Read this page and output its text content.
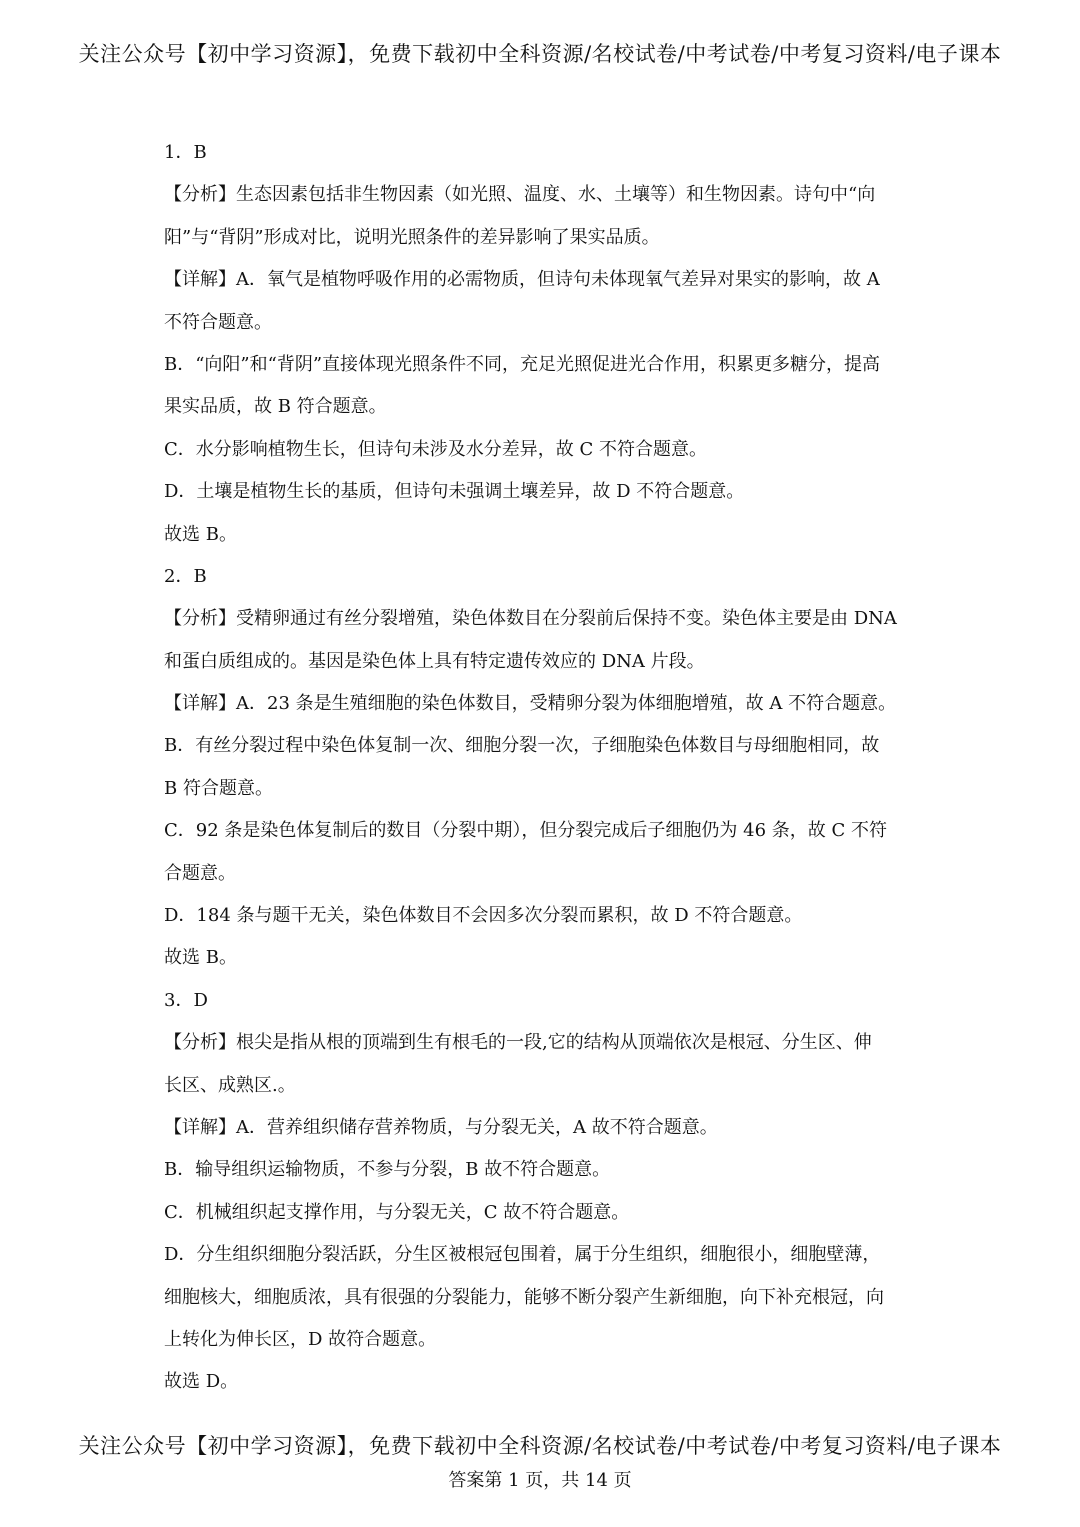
关注公众号【初中学习资源】，免费下载初中全科资源/名校试卷/中考试卷/中考复习资料/电子课本
1．B
【分析】生态因素包括非生物因素（如光照、温度、水、土壤等）和生物因素。诗句中“向
阳”与“背阴”形成对比，说明光照条件的差异影响了果实品质。
【详解】A．氧气是植物呼吸作用的必需物质，但诗句未体现氧气差异对果实的影响，故 A
不符合题意。
B．“向阳”和“背阴”直接体现光照条件不同，充足光照促进光合作用，积累更多糖分，提高
果实品质，故 B 符合题意。
C．水分影响植物生长，但诗句未涉及水分差异，故 C 不符合题意。
D．土壤是植物生长的基质，但诗句未强调土壤差异，故 D 不符合题意。
故选 B。
2．B
【分析】受精卵通过有丝分裂增殖，染色体数目在分裂前后保持不变。染色体主要是由 DNA
和蛋白质组成的。基因是染色体上具有特定遗传效应的 DNA 片段。
【详解】A．23 条是生殖细胞的染色体数目，受精卵分裂为体细胞增殖，故 A 不符合题意。
B．有丝分裂过程中染色体复制一次、细胞分裂一次，子细胞染色体数目与母细胞相同，故
B 符合题意。
C．92 条是染色体复制后的数目（分裂中期），但分裂完成后子细胞仍为 46 条，故 C 不符
合题意。
D．184 条与题干无关，染色体数目不会因多次分裂而累积，故 D 不符合题意。
故选 B。
3．D
【分析】根尖是指从根的顶端到生有根毛的一段,它的结构从顶端依次是根冠、分生区、伸
长区、成熟区.。
【详解】A．营养组织储存营养物质，与分裂无关，A 故不符合题意。
B．输导组织运输物质，不参与分裂，B 故不符合题意。
C．机械组织起支撑作用，与分裂无关，C 故不符合题意。
D．分生组织细胞分裂活跃，分生区被根冠包围着，属于分生组织，细胞很小，细胞壁薄，
细胞核大，细胞质浓，具有很强的分裂能力，能够不断分裂产生新细胞，向下补充根冠，向
上转化为伸长区，D 故符合题意。
故选 D。
关注公众号【初中学习资源】，免费下载初中全科资源/名校试卷/中考试卷/中考复习资料/电子课本
答案第 1 页，共 14 页
